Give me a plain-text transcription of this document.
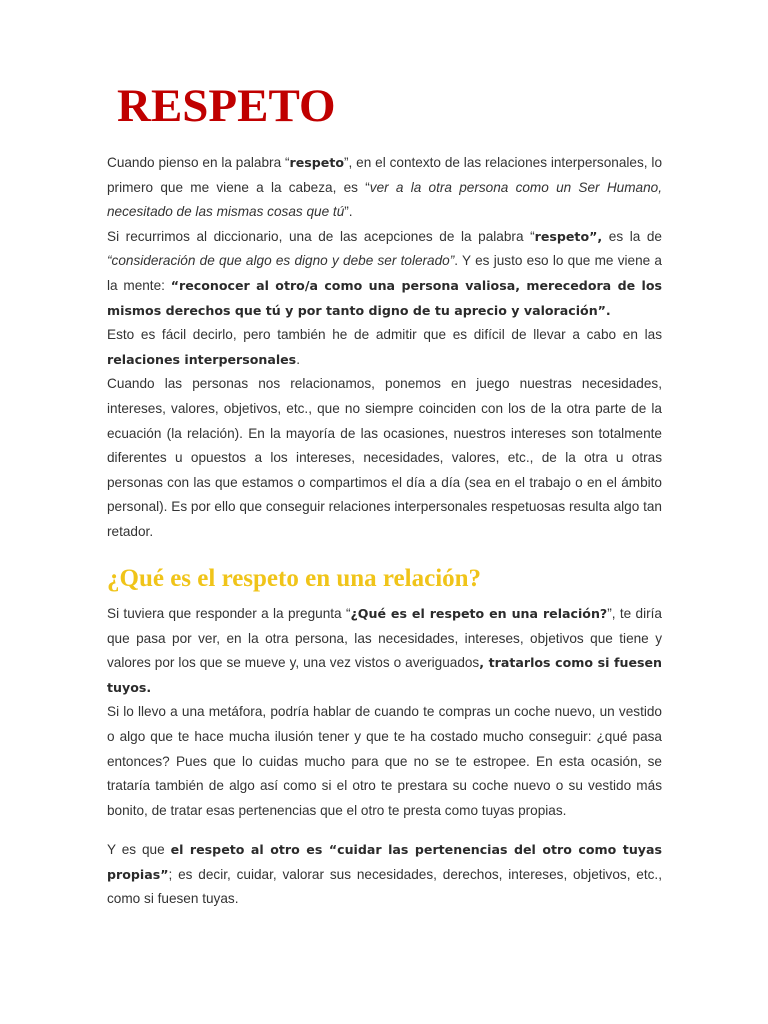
RESPETO

Cuando pienso en la palabra “respeto”, en el contexto de las relaciones interpersonales, lo primero que me viene a la cabeza, es “ver a la otra persona como un Ser Humano, necesitado de las mismas cosas que tú”.

Si recurrimos al diccionario, una de las acepciones de la palabra “respeto”, es la de “consideración de que algo es digno y debe ser tolerado”. Y es justo eso lo que me viene a la mente: “reconocer al otro/a como una persona valiosa, merecedora de los mismos derechos que tú y por tanto digno de tu aprecio y valoración”.

Esto es fácil decirlo, pero también he de admitir que es difícil de llevar a cabo en las relaciones interpersonales.

Cuando las personas nos relacionamos, ponemos en juego nuestras necesidades, intereses, valores, objetivos, etc., que no siempre coinciden con los de la otra parte de la ecuación (la relación). En la mayoría de las ocasiones, nuestros intereses son totalmente diferentes u opuestos a los intereses, necesidades, valores, etc., de la otra u otras personas con las que estamos o compartimos el día a día (sea en el trabajo o en el ámbito personal). Es por ello que conseguir relaciones interpersonales respetuosas resulta algo tan retador.

¿Qué es el respeto en una relación?

Si tuviera que responder a la pregunta “¿Qué es el respeto en una relación?”, te diría que pasa por ver, en la otra persona, las necesidades, intereses, objetivos que tiene y valores por los que se mueve y, una vez vistos o averiguados, tratarlos como si fuesen tuyos.

Si lo llevo a una metáfora, podría hablar de cuando te compras un coche nuevo, un vestido o algo que te hace mucha ilusión tener y que te ha costado mucho conseguir: ¿qué pasa entonces? Pues que lo cuidas mucho para que no se te estropee. En esta ocasión, se trataría también de algo así como si el otro te prestara su coche nuevo o su vestido más bonito, de tratar esas pertenencias que el otro te presta como tuyas propias.

Y es que el respeto al otro es “cuidar las pertenencias del otro como tuyas propias”; es decir, cuidar, valorar sus necesidades, derechos, intereses, objetivos, etc., como si fuesen tuyas.
